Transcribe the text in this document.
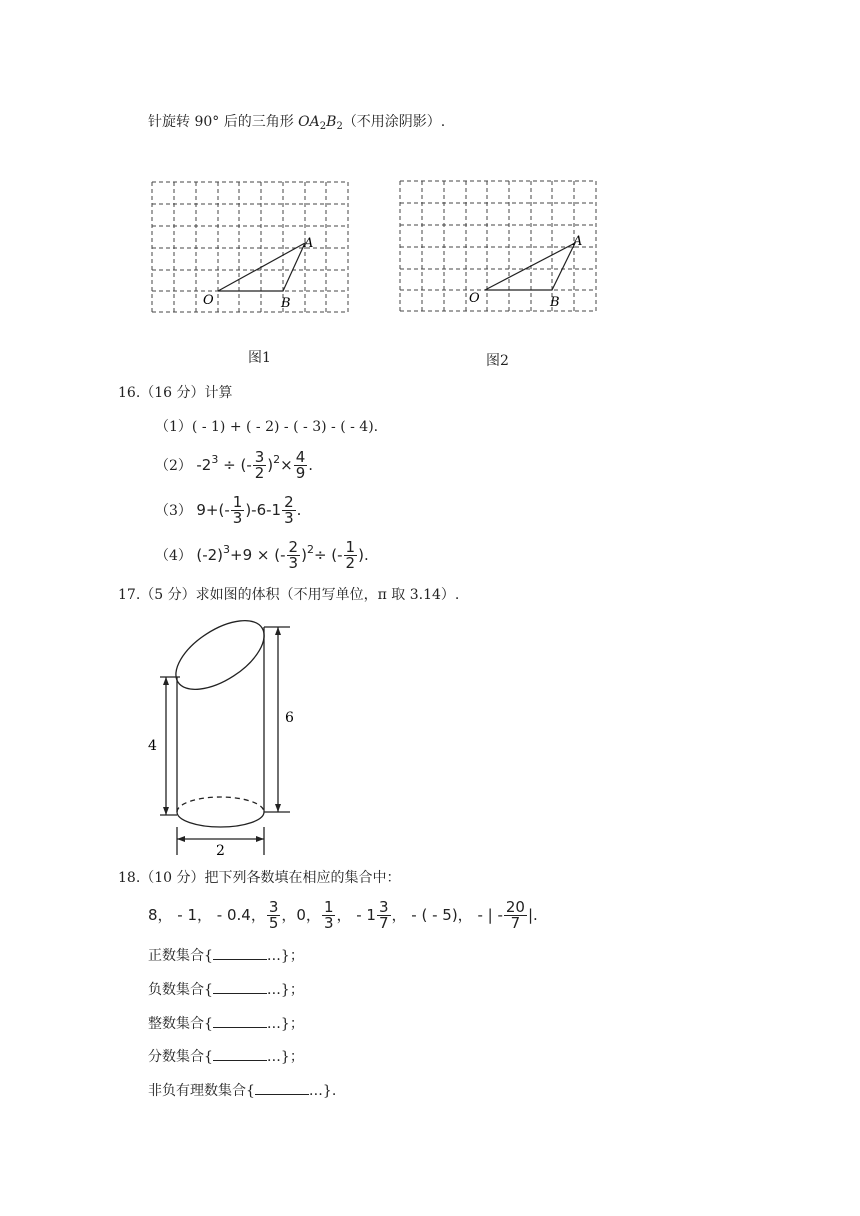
针旋转 90° 后的三角形 $OA_2B_2$（不用涂阴影）.
O
A
B	O
A
B
图1	图2
16.（16 分）计算
（1）( - 1) + ( - 2) - ( - 3) - ( - 4).
（2） $-2^3$ ÷ (- $\frac{3}{2} )^2\times \frac{4}{9}$ .
（3） $9+(- \frac{1}{3} )-6-1 \frac{2}{3}$ .
（4） $(-2)^3+9$ × (- $\frac{2}{3} )^2\div$ (- $\frac{1}{2}$ ).
17.（5 分）求如图的体积（不用写单位，π 取 3.14）.
4
6
2
18.（10 分）把下列各数填在相应的集合中：
8， - 1， - 0.4， $\frac{3}{5}$ ，0， $\frac{1}{3}$ ， - $1 \frac{3}{7}$ ， - ( - 5)， - | - $\frac{20}{7}$ |.
正数集合{	…}；
负数集合{	…}；
整数集合{	…}；
分数集合{	…}；
非负有理数集合{	…}.
